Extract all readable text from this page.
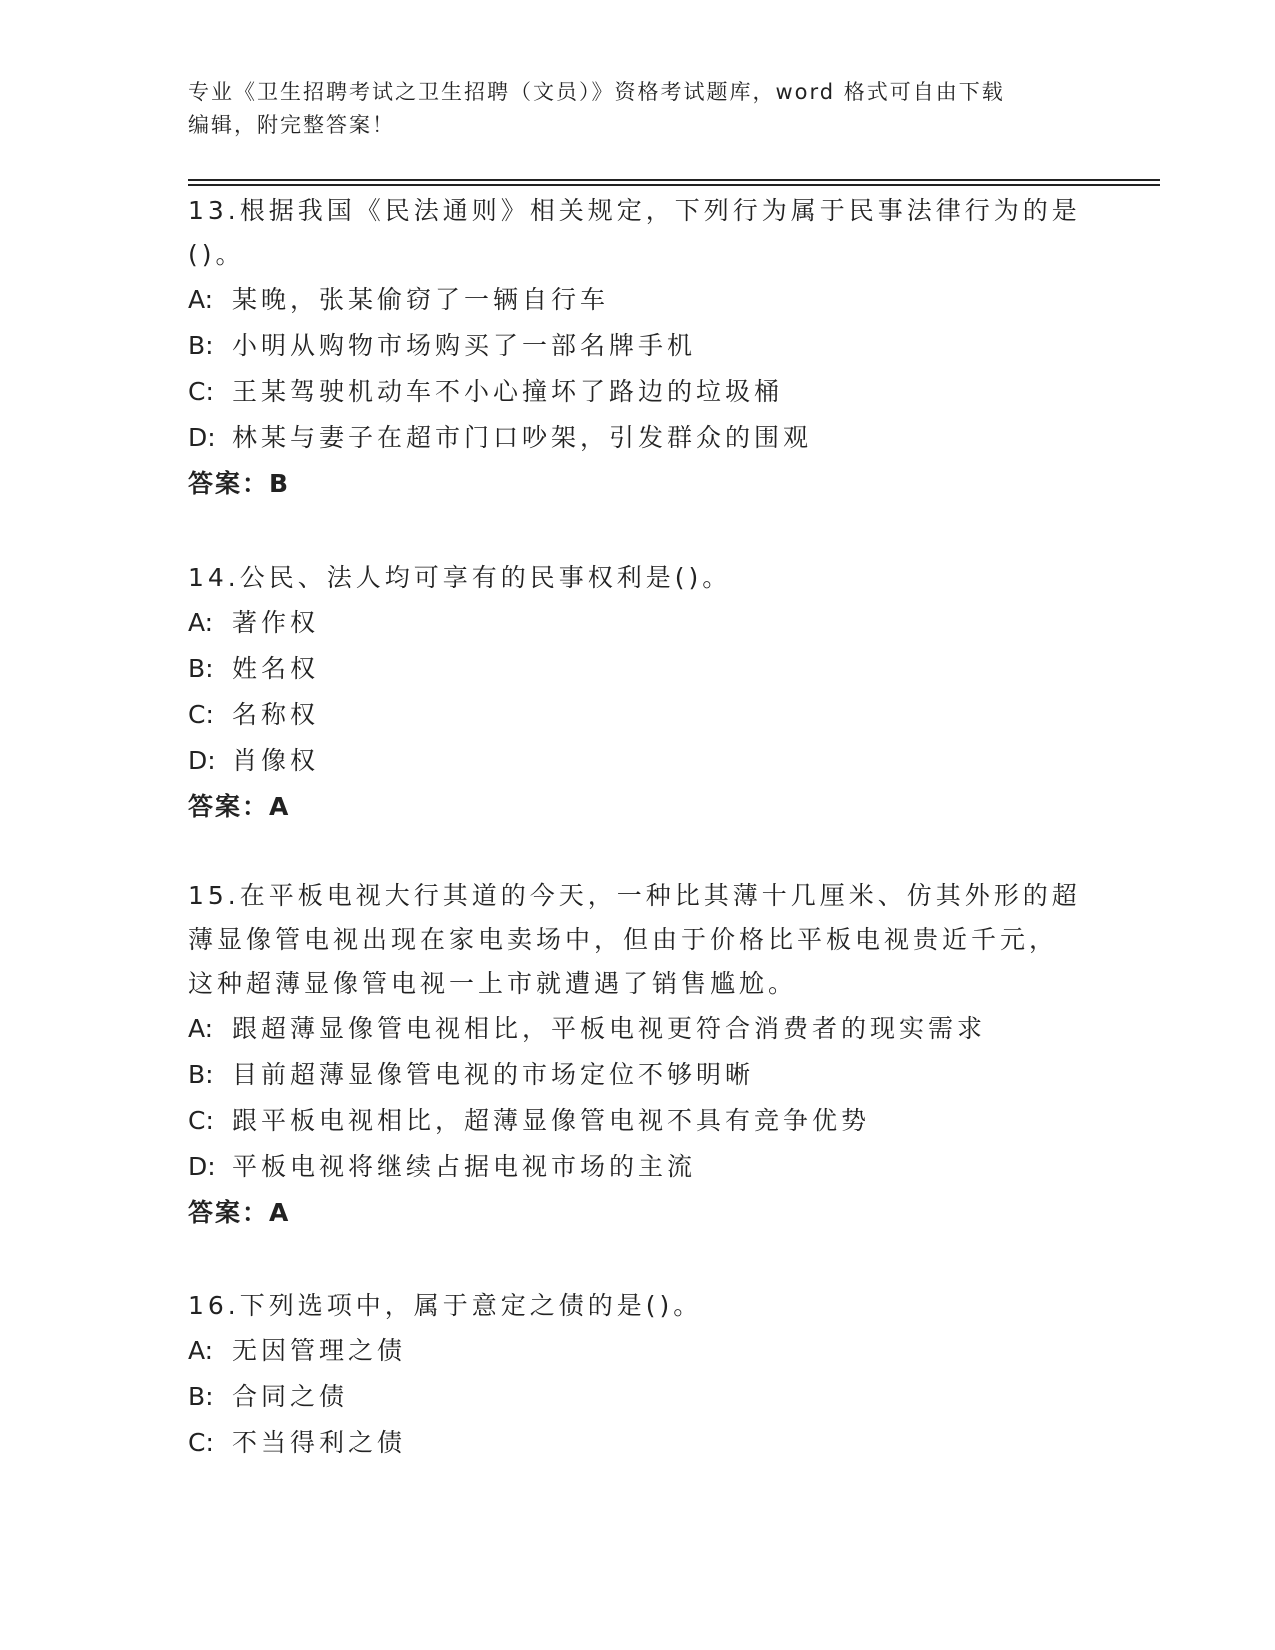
专业《卫生招聘考试之卫生招聘（文员）》资格考试题库，word 格式可自由下载
编辑，附完整答案！
13.根据我国《民法通则》相关规定，下列行为属于民事法律行为的是
()。
A: 某晚，张某偷窃了一辆自行车
B: 小明从购物市场购买了一部名牌手机
C: 王某驾驶机动车不小心撞坏了路边的垃圾桶
D: 林某与妻子在超市门口吵架，引发群众的围观
答案：B
14.公民、法人均可享有的民事权利是()。
A: 著作权
B: 姓名权
C: 名称权
D: 肖像权
答案：A
15.在平板电视大行其道的今天，一种比其薄十几厘米、仿其外形的超
薄显像管电视出现在家电卖场中，但由于价格比平板电视贵近千元，
这种超薄显像管电视一上市就遭遇了销售尴尬。
A: 跟超薄显像管电视相比，平板电视更符合消费者的现实需求
B: 目前超薄显像管电视的市场定位不够明晰
C: 跟平板电视相比，超薄显像管电视不具有竞争优势
D: 平板电视将继续占据电视市场的主流
答案：A
16.下列选项中，属于意定之债的是()。
A: 无因管理之债
B: 合同之债
C: 不当得利之债
